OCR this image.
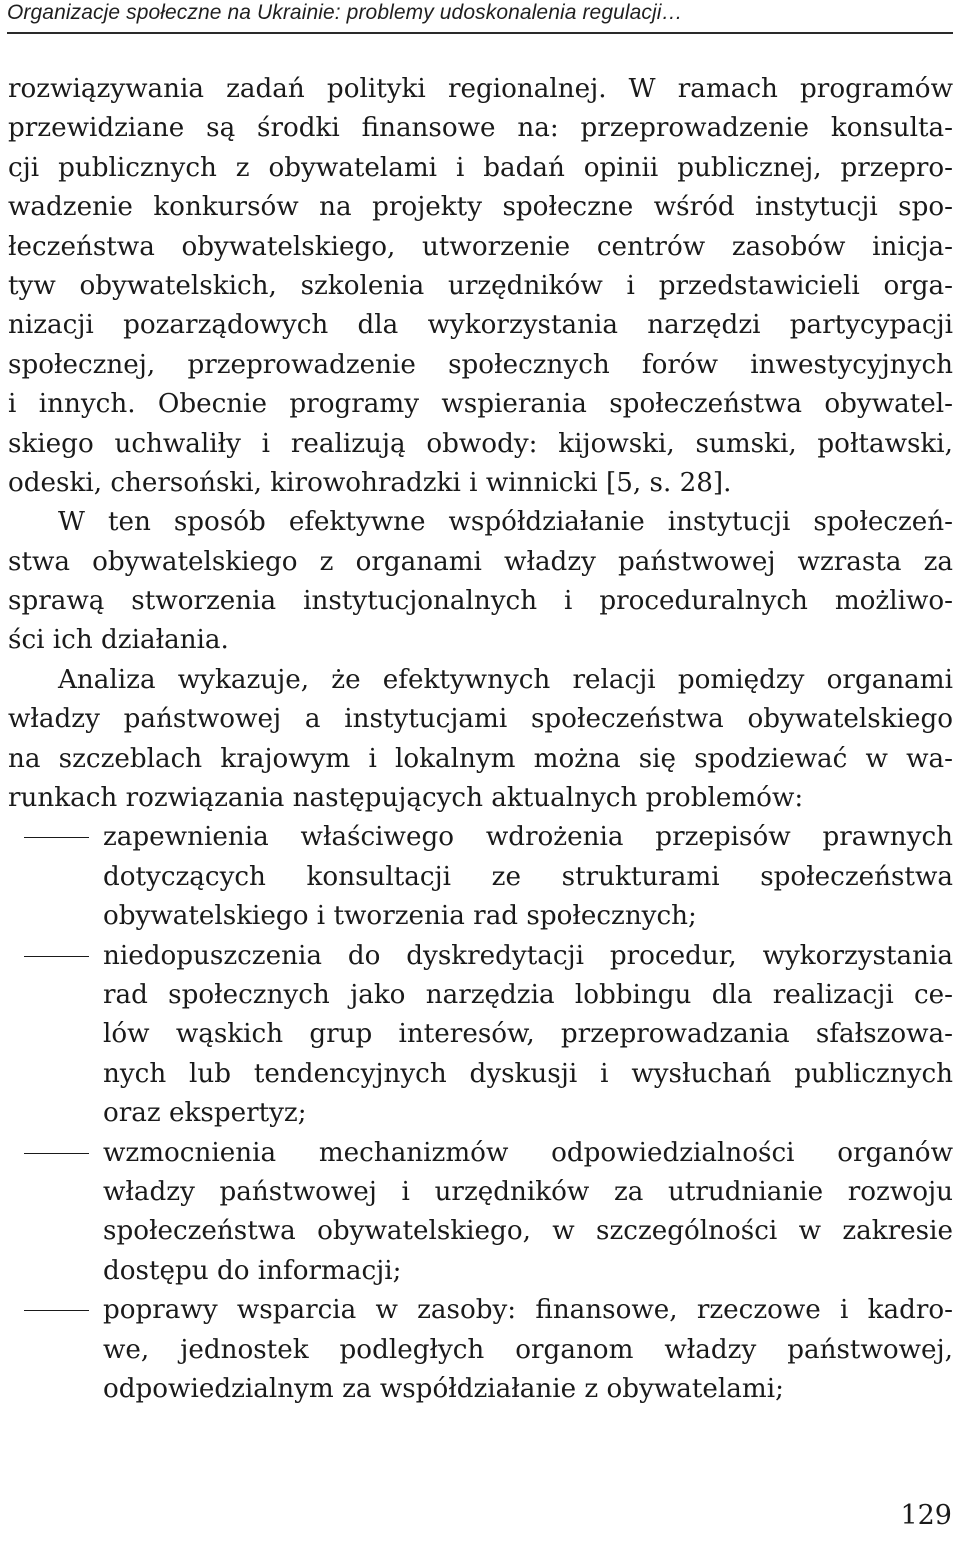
Organizacje społeczne na Ukrainie: problemy udoskonalenia regulacji…
rozwiązywania zadań polityki regionalnej. W ramach programów
przewidziane są środki finansowe na: przeprowadzenie konsulta-
cji publicznych z obywatelami i badań opinii publicznej, przepro-
wadzenie konkursów na projekty społeczne wśród instytucji spo-
łeczeństwa obywatelskiego, utworzenie centrów zasobów inicja-
tyw obywatelskich, szkolenia urzędników i przedstawicieli orga-
nizacji pozarządowych dla wykorzystania narzędzi partycypacji
społecznej, przeprowadzenie społecznych forów inwestycyjnych
i innych. Obecnie programy wspierania społeczeństwa obywatel-
skiego uchwaliły i realizują obwody: kijowski, sumski, połtawski,
odeski, chersoński, kirowohradzki i winnicki [5, s. 28].
W ten sposób efektywne współdziałanie instytucji społeczeń-
stwa obywatelskiego z organami władzy państwowej wzrasta za
sprawą stworzenia instytucjonalnych i proceduralnych możliwo-
ści ich działania.
Analiza wykazuje, że efektywnych relacji pomiędzy organami
władzy państwowej a instytucjami społeczeństwa obywatelskiego
na szczeblach krajowym i lokalnym można się spodziewać w wa-
runkach rozwiązania następujących aktualnych problemów:
zapewnienia właściwego wdrożenia przepisów prawnych
dotyczących konsultacji ze strukturami społeczeństwa
obywatelskiego i tworzenia rad społecznych;
niedopuszczenia do dyskredytacji procedur, wykorzystania
rad społecznych jako narzędzia lobbingu dla realizacji ce-
lów wąskich grup interesów, przeprowadzania sfałszowa-
nych lub tendencyjnych dyskusji i wysłuchań publicznych
oraz ekspertyz;
wzmocnienia mechanizmów odpowiedzialności organów
władzy państwowej i urzędników za utrudnianie rozwoju
społeczeństwa obywatelskiego, w szczególności w zakresie
dostępu do informacji;
poprawy wsparcia w zasoby: finansowe, rzeczowe i kadro-
we, jednostek podległych organom władzy państwowej,
odpowiedzialnym za współdziałanie z obywatelami;
129
